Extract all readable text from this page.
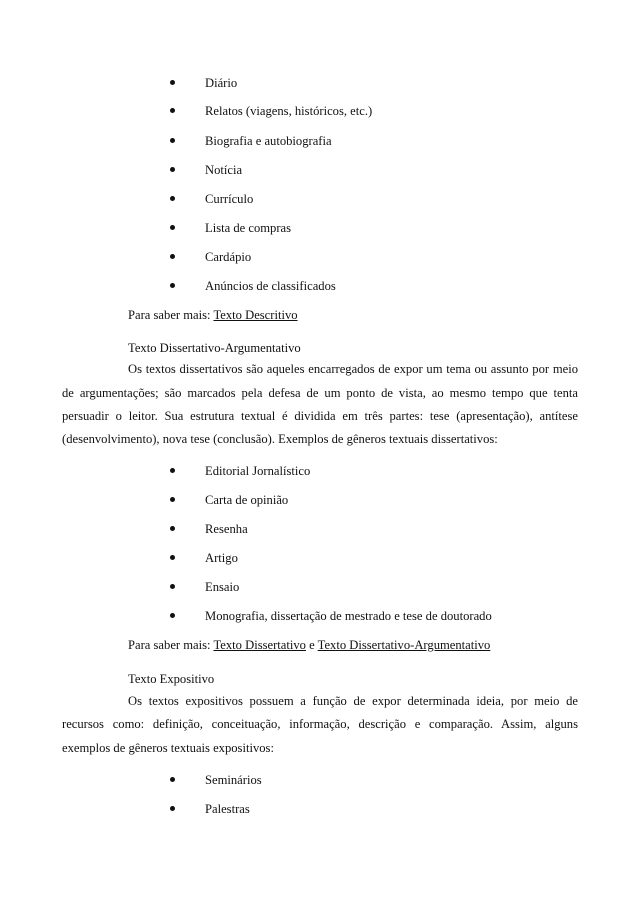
Diário
Relatos (viagens, históricos, etc.)
Biografia e autobiografia
Notícia
Currículo
Lista de compras
Cardápio
Anúncios de classificados
Para saber mais: Texto Descritivo
Texto Dissertativo-Argumentativo
Os textos dissertativos são aqueles encarregados de expor um tema ou assunto por meio
de argumentações; são marcados pela defesa de um ponto de vista, ao mesmo tempo que tenta
persuadir o leitor. Sua estrutura textual é dividida em três partes: tese (apresentação), antítese
(desenvolvimento), nova tese (conclusão). Exemplos de gêneros textuais dissertativos:
Editorial Jornalístico
Carta de opinião
Resenha
Artigo
Ensaio
Monografia, dissertação de mestrado e tese de doutorado
Para saber mais: Texto Dissertativo e Texto Dissertativo-Argumentativo
Texto Expositivo
Os textos expositivos possuem a função de expor determinada ideia, por meio de
recursos como: definição, conceituação, informação, descrição e comparação. Assim, alguns
exemplos de gêneros textuais expositivos:
Seminários
Palestras
